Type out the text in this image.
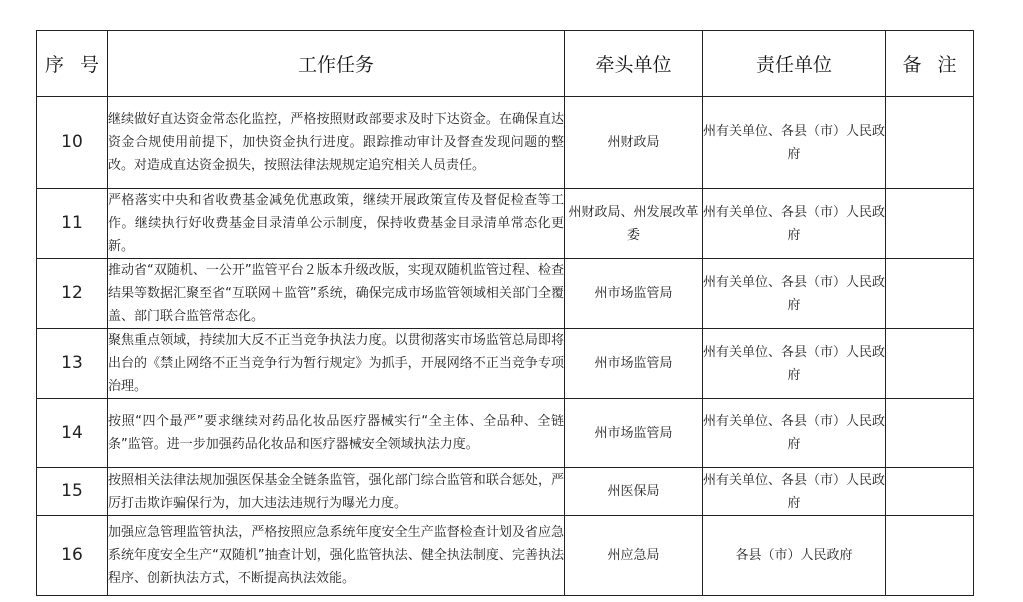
序 号	工作任务	牵头单位	责任单位	备 注
10	继续做好直达资金常态化监控，严格按照财政部要求及时下达资金。在确保直达资金合规使用前提下，加快资金执行进度。跟踪推动审计及督查发现问题的整改。对造成直达资金损失，按照法律法规规定追究相关人员责任。	州财政局	州有关单位、各县（市）人民政府	
11	严格落实中央和省收费基金减免优惠政策，继续开展政策宣传及督促检查等工作。继续执行好收费基金目录清单公示制度，保持收费基金目录清单常态化更新。	州财政局、州发展改革委	州有关单位、各县（市）人民政府	
12	推动省“双随机、一公开”监管平台２版本升级改版，实现双随机监管过程、检查结果等数据汇聚至省“互联网＋监管”系统，确保完成市场监管领域相关部门全覆盖、部门联合监管常态化。	州市场监管局	州有关单位、各县（市）人民政府	
13	聚焦重点领域，持续加大反不正当竞争执法力度。以贯彻落实市场监管总局即将出台的《禁止网络不正当竞争行为暂行规定》为抓手，开展网络不正当竞争专项治理。	州市场监管局	州有关单位、各县（市）人民政府	
14	按照“四个最严”要求继续对药品化妆品医疗器械实行“全主体、全品种、全链条”监管。进一步加强药品化妆品和医疗器械安全领域执法力度。	州市场监管局	州有关单位、各县（市）人民政府	
15	按照相关法律法规加强医保基金全链条监管，强化部门综合监管和联合惩处，严厉打击欺诈骗保行为，加大违法违规行为曝光力度。	州医保局	州有关单位、各县（市）人民政府	
16	加强应急管理监管执法，严格按照应急系统年度安全生产监督检查计划及省应急系统年度安全生产“双随机”抽查计划，强化监管执法、健全执法制度、完善执法程序、创新执法方式，不断提高执法效能。	州应急局	各县（市）人民政府	
